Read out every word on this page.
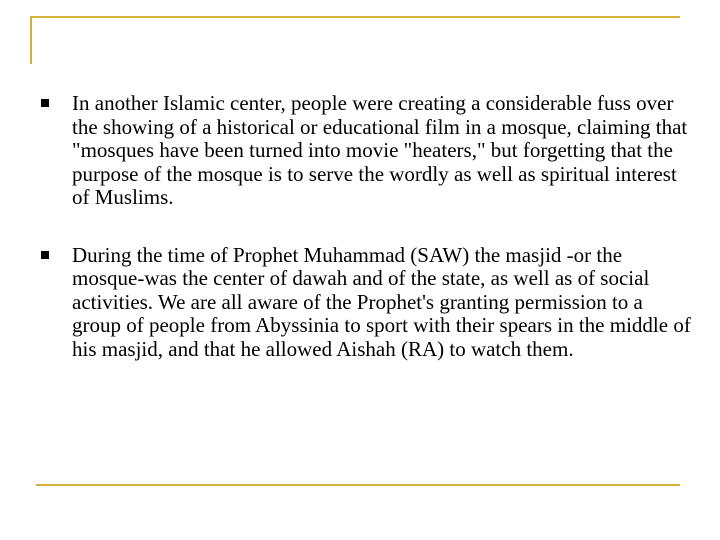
In another Islamic center, people were creating a considerable fuss over the showing of a historical or educational film in a mosque, claiming that "mosques have been turned into movie "heaters," but forgetting that the purpose of the mosque is to serve the wordly as well as spiritual interest of Muslims.
During the time of Prophet Muhammad (SAW) the masjid -or the mosque-was the center of dawah and of the state, as well as of social activities. We are all aware of the Prophet's granting permission to a group of people from Abyssinia to sport with their spears in the middle of his masjid, and that he allowed Aishah (RA) to watch them.
